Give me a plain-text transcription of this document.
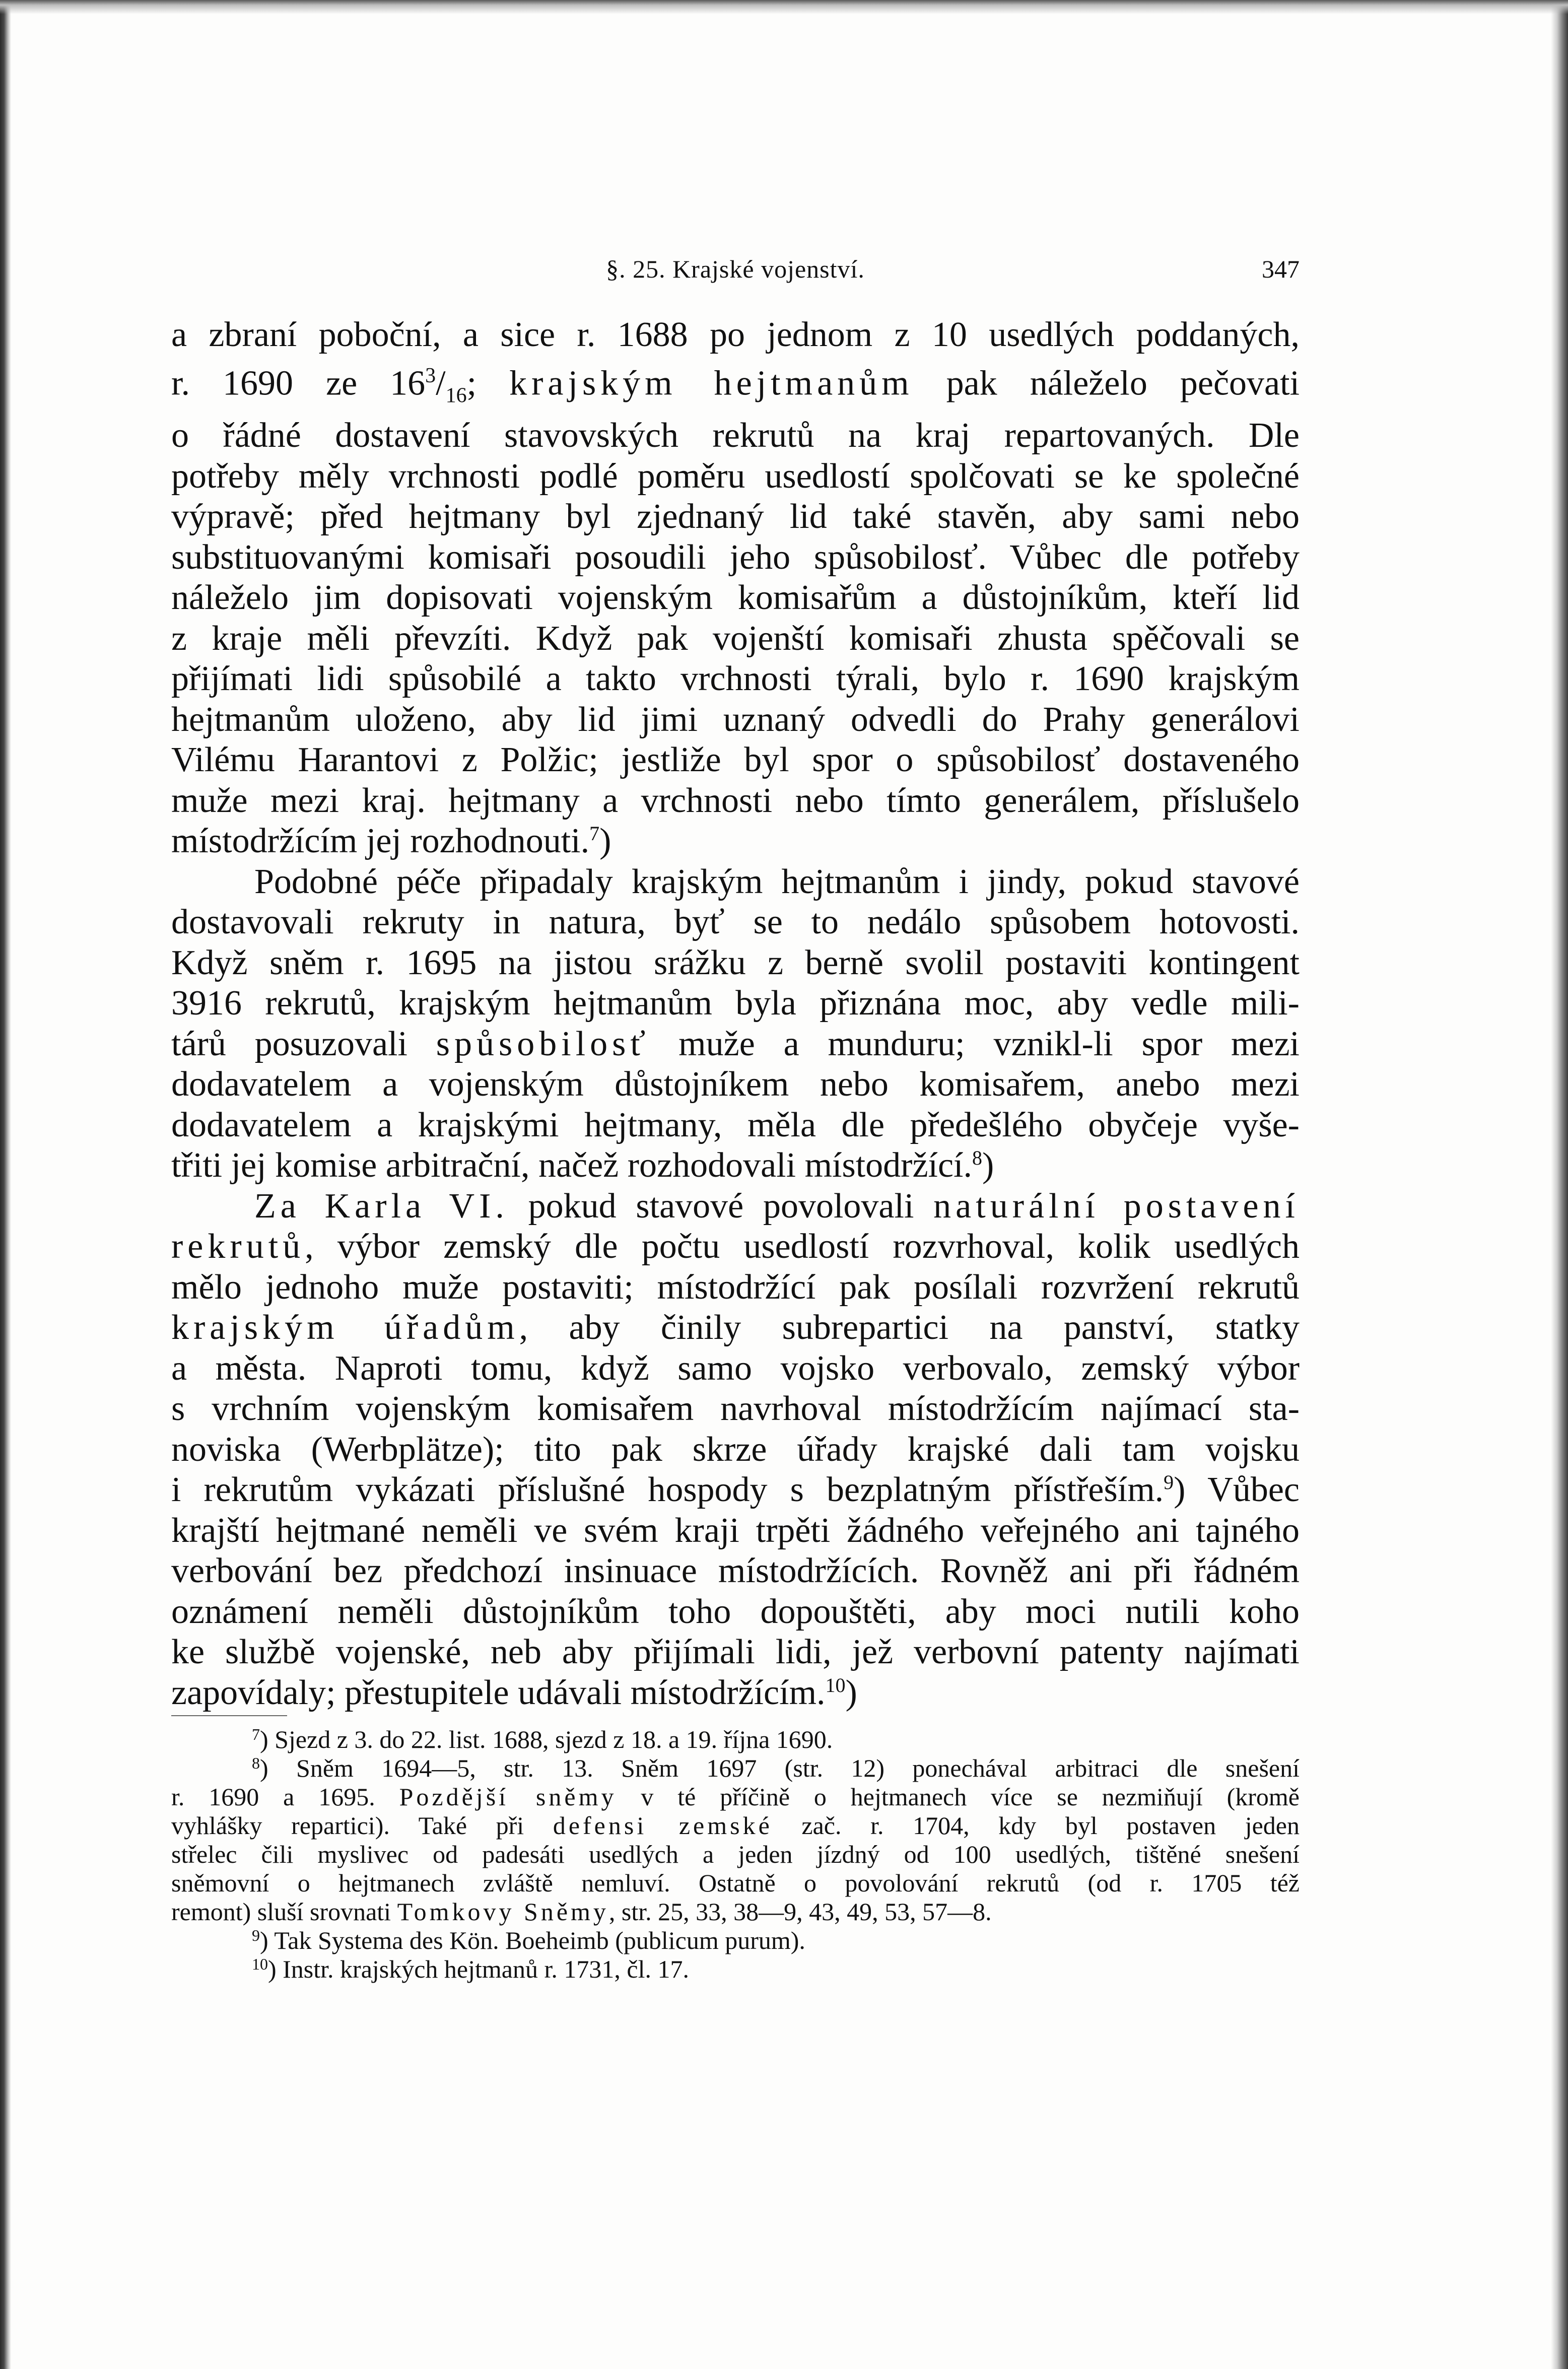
§. 25. Krajské vojenství.	347

a zbraní poboční, a sice r. 1688 po jednom z 10 usedlých poddaných,
r. 1690 ze $16^3/_{16}$; krajským hejtmanům pak náleželo pečovati
o řádné dostavení stavovských rekrutů na kraj repartovaných. Dle
potřeby měly vrchnosti podlé poměru usedlostí spolčovati se ke společné
výpravě; před hejtmany byl zjednaný lid také stavěn, aby sami nebo
substituovanými komisaři posoudili jeho spůsobilosť. Vůbec dle potřeby
náleželo jim dopisovati vojenským komisařům a důstojníkům, kteří lid
z kraje měli převzíti. Když pak vojenští komisaři zhusta spěčovali se
přijímati lidi spůsobilé a takto vrchnosti týrali, bylo r. 1690 krajským
hejtmanům uloženo, aby lid jimi uznaný odvedli do Prahy generálovi
Vilému Harantovi z Polžic; jestliže byl spor o spůsobilosť dostaveného
muže mezi kraj. hejtmany a vrchnosti nebo tímto generálem, příslušelo
místodržícím jej rozhodnouti.$^7$)

Podobné péče připadaly krajským hejtmanům i jindy, pokud stavové
dostavovali rekruty in natura, byť se to nedálo spůsobem hotovosti.
Když sněm r. 1695 na jistou srážku z berně svolil postaviti kontingent
3916 rekrutů, krajským hejtmanům byla přiznána moc, aby vedle mili-
tárů posuzovali spůsobilosť muže a munduru; vznikl-li spor mezi
dodavatelem a vojenským důstojníkem nebo komisařem, anebo mezi
dodavatelem a krajskými hejtmany, měla dle předešlého obyčeje vyše-
třiti jej komise arbitrační, načež rozhodovali místodržící.$^8$)

Za Karla VI. pokud stavové povolovali naturální postavení
rekrutů, výbor zemský dle počtu usedlostí rozvrhoval, kolik usedlých
mělo jednoho muže postaviti; místodržící pak posílali rozvržení rekrutů
krajským úřadům, aby činily subrepartici na panství, statky
a města. Naproti tomu, když samo vojsko verbovalo, zemský výbor
s vrchním vojenským komisařem navrhoval místodržícím najímací sta-
noviska (Werbplätze); tito pak skrze úřady krajské dali tam vojsku
i rekrutům vykázati příslušné hospody s bezplatným přístřeším.$^9$) Vůbec
krajští hejtmané neměli ve svém kraji trpěti žádného veřejného ani tajného
verbování bez předchozí insinuace místodržících. Rovněž ani při řádném
oznámení neměli důstojníkům toho dopouštěti, aby moci nutili koho
ke službě vojenské, neb aby přijímali lidi, jež verbovní patenty najímati
zapovídaly; přestupitele udávali místodržícím.$^{10}$)

$^7$) Sjezd z 3. do 22. list. 1688, sjezd z 18. a 19. října 1690.
$^8$) Sněm 1694—5, str. 13. Sněm 1697 (str. 12) ponechával arbitraci dle snešení
r. 1690 a 1695. Pozdější sněmy v té příčině o hejtmanech více se nezmiňují (kromě
vyhlášky repartici). Také při defensi zemské zač. r. 1704, kdy byl postaven jeden
střelec čili myslivec od padesáti usedlých a jeden jízdný od 100 usedlých, tištěné snešení
sněmovní o hejtmanech zvláště nemluví. Ostatně o povolování rekrutů (od r. 1705 též
remont) sluší srovnati Tomkovy Sněmy, str. 25, 33, 38—9, 43, 49, 53, 57—8.
$^9$) Tak Systema des Kön. Boeheimb (publicum purum).
$^{10}$) Instr. krajských hejtmanů r. 1731, čl. 17.
